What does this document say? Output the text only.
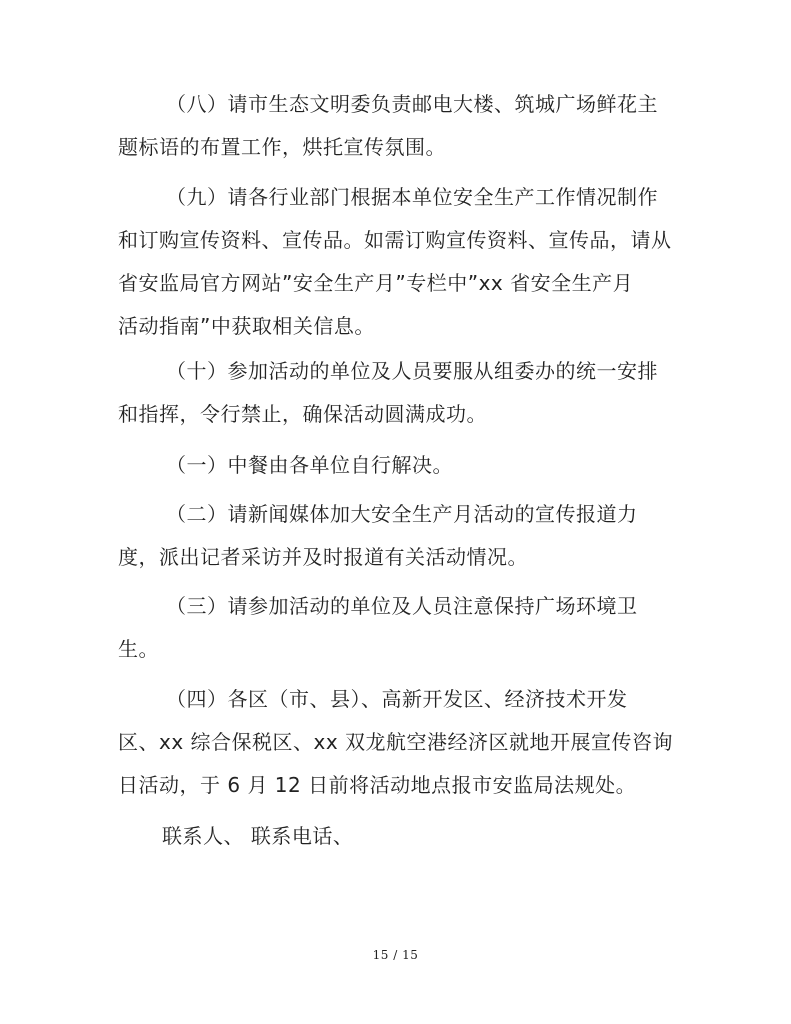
（八）请市生态文明委负责邮电大楼、筑城广场鲜花主
题标语的布置工作，烘托宣传氛围。

（九）请各行业部门根据本单位安全生产工作情况制作
和订购宣传资料、宣传品。如需订购宣传资料、宣传品，请从
省安监局官方网站”安全生产月”专栏中”xx 省安全生产月
活动指南”中获取相关信息。

（十）参加活动的单位及人员要服从组委办的统一安排
和指挥，令行禁止，确保活动圆满成功。

（一）中餐由各单位自行解决。

（二）请新闻媒体加大安全生产月活动的宣传报道力
度，派出记者采访并及时报道有关活动情况。

（三）请参加活动的单位及人员注意保持广场环境卫
生。

（四）各区（市、县）、高新开发区、经济技术开发
区、xx 综合保税区、xx 双龙航空港经济区就地开展宣传咨询
日活动，于 6 月 12 日前将活动地点报市安监局法规处。

联系人、 联系电话、

15 / 15
